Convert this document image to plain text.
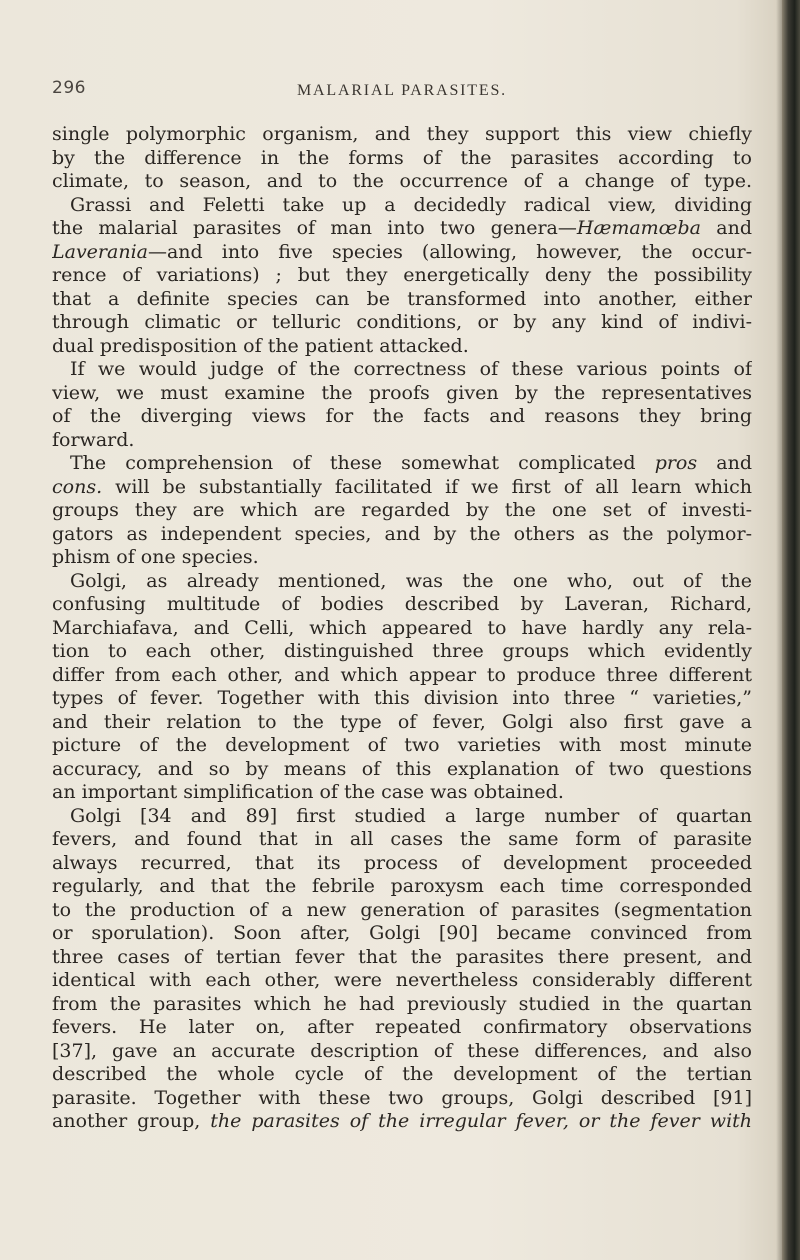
296	MALARIAL PARASITES.
single polymorphic organism, and they support this view chiefly
by the difference in the forms of the parasites according to
climate, to season, and to the occurrence of a change of type.
Grassi and Feletti take up a decidedly radical view, dividing
the malarial parasites of man into two genera—Hæmamœba and
Laverania—and into five species (allowing, however, the occur-
rence of variations) ; but they energetically deny the possibility
that a definite species can be transformed into another, either
through climatic or telluric conditions, or by any kind of indivi-
dual predisposition of the patient attacked.
If we would judge of the correctness of these various points of
view, we must examine the proofs given by the representatives
of the diverging views for the facts and reasons they bring
forward.
The comprehension of these somewhat complicated pros and
cons. will be substantially facilitated if we first of all learn which
groups they are which are regarded by the one set of investi-
gators as independent species, and by the others as the polymor-
phism of one species.
Golgi, as already mentioned, was the one who, out of the
confusing multitude of bodies described by Laveran, Richard,
Marchiafava, and Celli, which appeared to have hardly any rela-
tion to each other, distinguished three groups which evidently
differ from each other, and which appear to produce three different
types of fever. Together with this division into three “ varieties,”
and their relation to the type of fever, Golgi also first gave a
picture of the development of two varieties with most minute
accuracy, and so by means of this explanation of two questions
an important simplification of the case was obtained.
Golgi [34 and 89] first studied a large number of quartan
fevers, and found that in all cases the same form of parasite
always recurred, that its process of development proceeded
regularly, and that the febrile paroxysm each time corresponded
to the production of a new generation of parasites (segmentation
or sporulation). Soon after, Golgi [90] became convinced from
three cases of tertian fever that the parasites there present, and
identical with each other, were nevertheless considerably different
from the parasites which he had previously studied in the quartan
fevers. He later on, after repeated confirmatory observations
[37], gave an accurate description of these differences, and also
described the whole cycle of the development of the tertian
parasite. Together with these two groups, Golgi described [91]
another group, the parasites of the irregular fever, or the fever with
